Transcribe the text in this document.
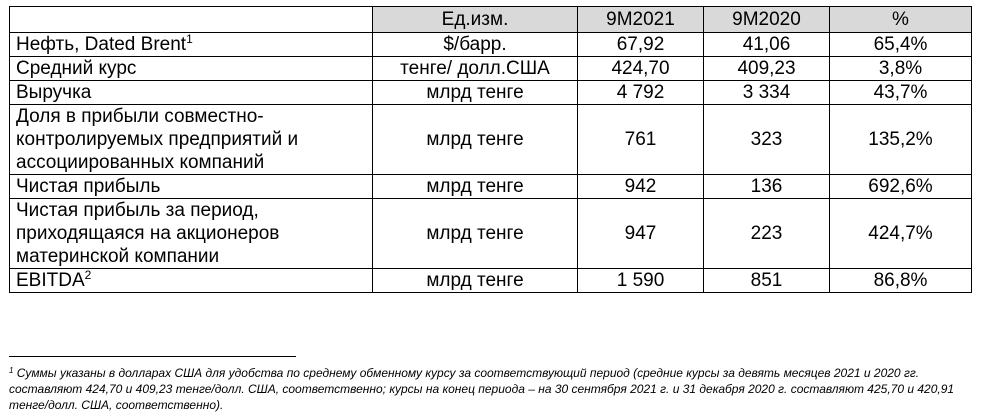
	Ед.изм.	9M2021	9M2020	%
Нефть, Dated Brent$^1$	$/барр.	67,92	41,06	65,4%
Средний курс	тенге/ долл.США	424,70	409,23	3,8%
Выручка	млрд тенге	4 792	3 334	43,7%
Доля в прибыли совместно-контролируемых предприятий и ассоциированных компаний	млрд тенге	761	323	135,2%
Чистая прибыль	млрд тенге	942	136	692,6%
Чистая прибыль за период, приходящаяся на акционеров материнской компании	млрд тенге	947	223	424,7%
EBITDA$^2$	млрд тенге	1 590	851	86,8%
$^1$ Суммы указаны в долларах США для удобства по среднему обменному курсу за соответствующий период (средние курсы за девять месяцев 2021 и 2020 гг. составляют 424,70 и 409,23 тенге/долл. США, соответственно; курсы на конец периода – на 30 сентября 2021 г. и 31 декабря 2020 г. составляют 425,70 и 420,91 тенге/долл. США, соответственно).
